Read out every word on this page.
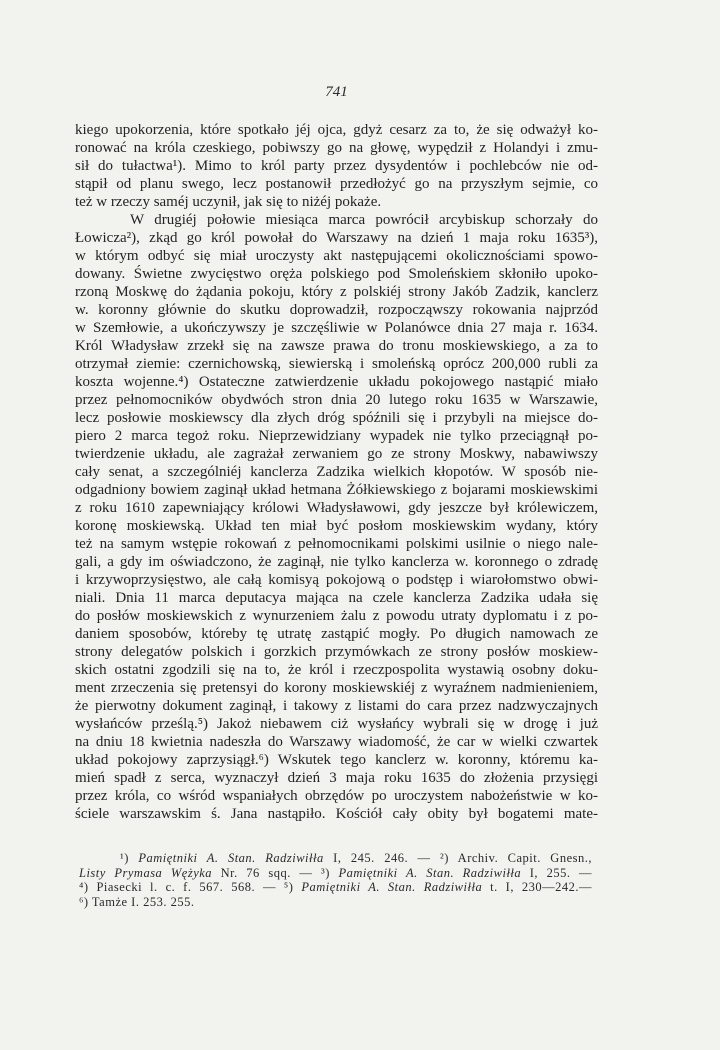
741
kiego upokorzenia, które spotkało jéj ojca, gdyż cesarz za to, że się odważył ko-
ronować na króla czeskiego, pobiwszy go na głowę, wypędził z Holandyi i zmu-
sił do tułactwa¹). Mimo to król party przez dysydentów i pochlebców nie od-
stąpił od planu swego, lecz postanowił przedłożyć go na przyszłym sejmie, co
też w rzeczy saméj uczynił, jak się to niżéj pokaże.
W drugiéj połowie miesiąca marca powrócił arcybiskup schorzały do
Łowicza²), zkąd go król powołał do Warszawy na dzień 1 maja roku 1635³),
w którym odbyć się miał uroczysty akt następującemi okolicznościami spowo-
dowany. Świetne zwycięstwo oręża polskiego pod Smoleńskiem skłoniło upoko-
rzoną Moskwę do żądania pokoju, który z polskiéj strony Jakób Zadzik, kanclerz
w. koronny głównie do skutku doprowadził, rozpocząwszy rokowania najprzód
w Szemłowie, a ukończywszy je szczęśliwie w Polanówce dnia 27 maja r. 1634.
Król Władysław zrzekł się na zawsze prawa do tronu moskiewskiego, a za to
otrzymał ziemie: czernichowską, siewierską i smoleńską oprócz 200,000 rubli za
koszta wojenne.⁴) Ostateczne zatwierdzenie układu pokojowego nastąpić miało
przez pełnomocników obydwóch stron dnia 20 lutego roku 1635 w Warszawie,
lecz posłowie moskiewscy dla złych dróg spóźnili się i przybyli na miejsce do-
piero 2 marca tegoż roku. Nieprzewidziany wypadek nie tylko przeciągnął po-
twierdzenie układu, ale zagrażał zerwaniem go ze strony Moskwy, nabawiwszy
cały senat, a szczególniéj kanclerza Zadzika wielkich kłopotów. W sposób nie-
odgadniony bowiem zaginął układ hetmana Żółkiewskiego z bojarami moskiewskimi
z roku 1610 zapewniający królowi Władysławowi, gdy jeszcze był królewiczem,
koronę moskiewską. Układ ten miał być posłom moskiewskim wydany, który
też na samym wstępie rokowań z pełnomocnikami polskimi usilnie o niego nale-
gali, a gdy im oświadczono, że zaginął, nie tylko kanclerza w. koronnego o zdradę
i krzywoprzysięstwo, ale całą komisyą pokojową o podstęp i wiarołomstwo obwi-
niali. Dnia 11 marca deputacya mająca na czele kanclerza Zadzika udała się
do posłów moskiewskich z wynurzeniem żalu z powodu utraty dyplomatu i z po-
daniem sposobów, któreby tę utratę zastąpić mogły. Po długich namowach ze
strony delegatów polskich i gorzkich przymówkach ze strony posłów moskiew-
skich ostatni zgodzili się na to, że król i rzeczpospolita wystawią osobny doku-
ment zrzeczenia się pretensyi do korony moskiewskiéj z wyraźnem nadmienieniem,
że pierwotny dokument zaginął, i takowy z listami do cara przez nadzwyczajnych
wysłańców prześlą.⁵) Jakoż niebawem ciż wysłańcy wybrali się w drogę i już
na dniu 18 kwietnia nadeszła do Warszawy wiadomość, że car w wielki czwartek
układ pokojowy zaprzysiągł.⁶) Wskutek tego kanclerz w. koronny, któremu ka-
mień spadł z serca, wyznaczył dzień 3 maja roku 1635 do złożenia przysięgi
przez króla, co wśród wspaniałych obrzędów po uroczystem nabożeństwie w ko-
ściele warszawskim ś. Jana nastąpiło. Kościół cały obity był bogatemi mate-
¹) Pamiętniki A. Stan. Radziwiłła I, 245. 246. — ²) Archiv. Capit. Gnesn.,
Listy Prymasa Wężyka Nr. 76 sqq. — ³) Pamiętniki A. Stan. Radziwiłła I, 255. —
⁴) Piasecki l. c. f. 567. 568. — ⁵) Pamiętniki A. Stan. Radziwiłła t. I, 230—242.—
⁶) Tamże I. 253. 255.
